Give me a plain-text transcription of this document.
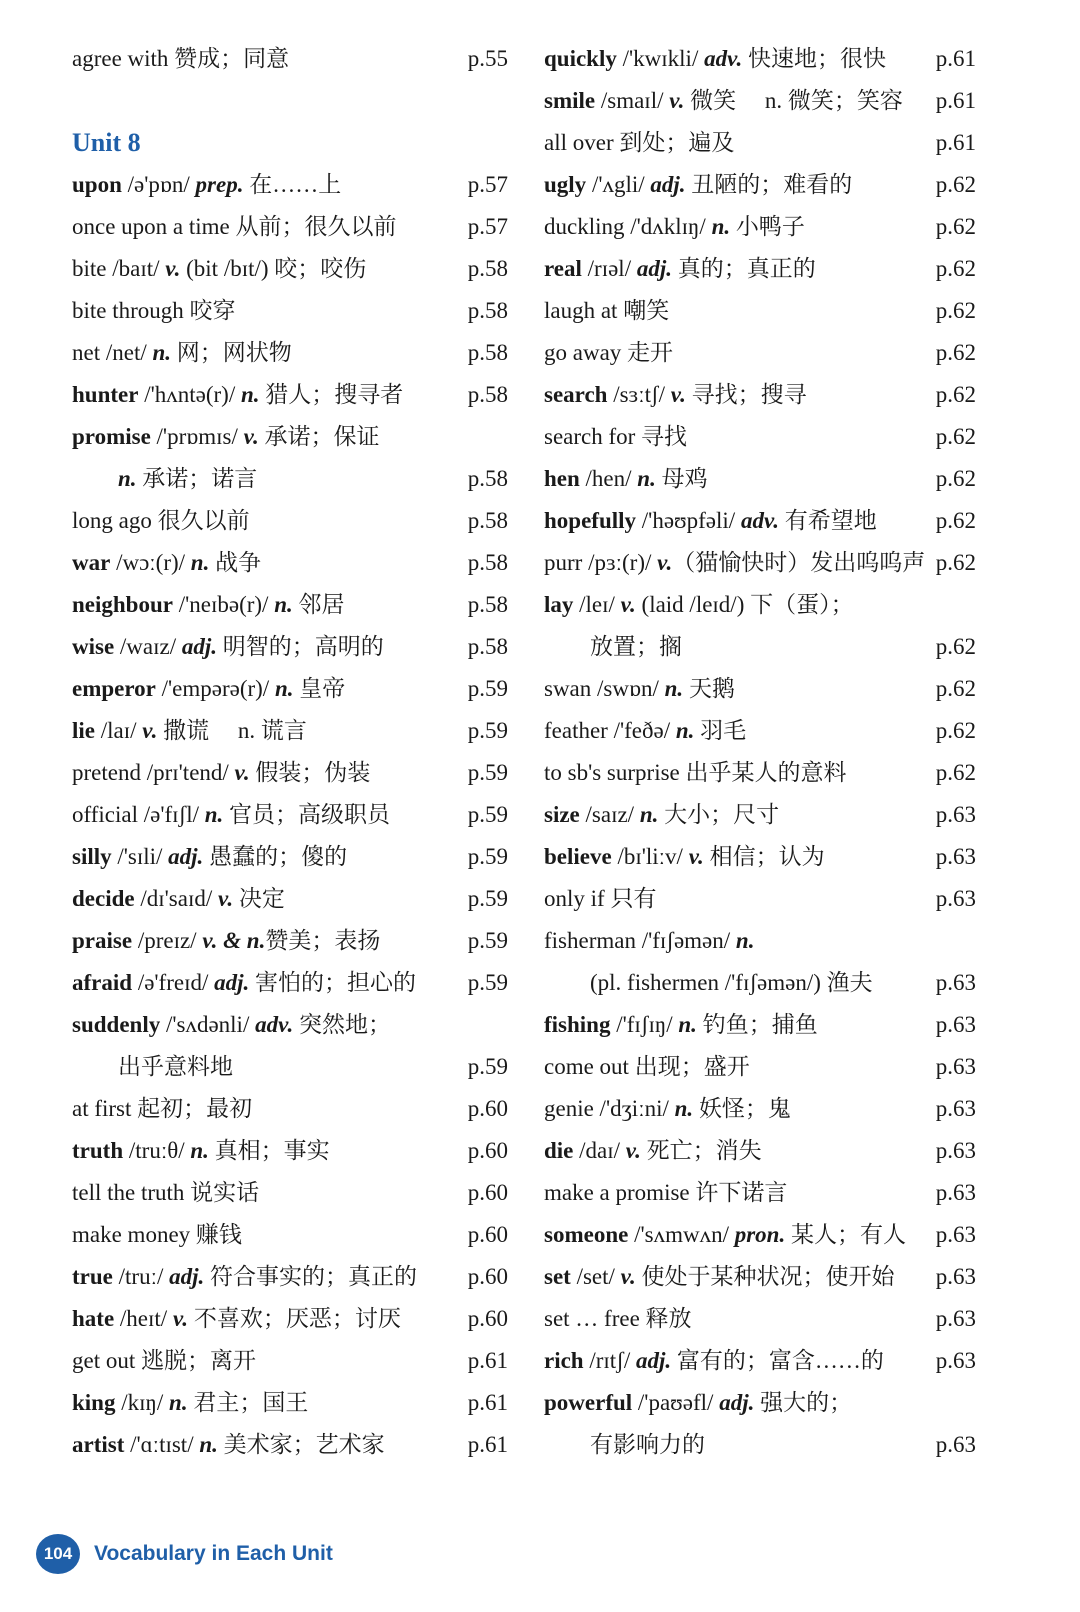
agree with 赞成；同意	p.55
Unit 8
upon /ə'pɒn/ prep. 在……上	p.57
once upon a time 从前；很久以前	p.57
bite /baɪt/ v. (bit /bɪt/) 咬；咬伤	p.58
bite through 咬穿	p.58
net /net/ n. 网；网状物	p.58
hunter /'hʌntə(r)/ n. 猎人；搜寻者	p.58
promise /'prɒmɪs/ v. 承诺；保证
n. 承诺；诺言	p.58
long ago 很久以前	p.58
war /wɔː(r)/ n. 战争	p.58
neighbour /'neɪbə(r)/ n. 邻居	p.58
wise /waɪz/ adj. 明智的；高明的	p.58
emperor /'empərə(r)/ n. 皇帝	p.59
lie /laɪ/ v. 撒谎　 n. 谎言	p.59
pretend /prɪ'tend/ v. 假装；伪装	p.59
official /ə'fɪʃl/ n. 官员；高级职员	p.59
silly /'sɪli/ adj. 愚蠢的；傻的	p.59
decide /dɪ'saɪd/ v. 决定	p.59
praise /preɪz/ v. & n.赞美；表扬	p.59
afraid /ə'freɪd/ adj. 害怕的；担心的 p.59
suddenly /'sʌdənli/ adv. 突然地；
出乎意料地	p.59
at first 起初；最初	p.60
truth /truːθ/ n. 真相；事实	p.60
tell the truth 说实话	p.60
make money 赚钱	p.60
true /truː/ adj. 符合事实的；真正的 p.60
hate /heɪt/ v. 不喜欢；厌恶；讨厌	p.60
get out 逃脱；离开	p.61
king /kɪŋ/ n. 君主；国王	p.61
artist /'ɑːtɪst/ n. 美术家；艺术家	p.61
quickly /'kwɪkli/ adv. 快速地；很快 p.61
smile /smaɪl/ v. 微笑　 n. 微笑；笑容 p.61
all over 到处；遍及	p.61
ugly /'ʌgli/ adj. 丑陋的；难看的	p.62
duckling /'dʌklɪŋ/ n. 小鸭子	p.62
real /rɪəl/ adj. 真的；真正的	p.62
laugh at 嘲笑	p.62
go away 走开	p.62
search /sɜːtʃ/ v. 寻找；搜寻	p.62
search for 寻找	p.62
hen /hen/ n. 母鸡	p.62
hopefully /'həʊpfəli/ adv. 有希望地	p.62
purr /pɜː(r)/ v.（猫愉快时）发出呜呜声 p.62
lay /leɪ/ v. (laid /leɪd/) 下（蛋）；
放置；搁	p.62
swan /swɒn/ n. 天鹅	p.62
feather /'feðə/ n. 羽毛	p.62
to sb's surprise 出乎某人的意料	p.62
size /saɪz/ n. 大小；尺寸	p.63
believe /bɪ'liːv/ v. 相信；认为	p.63
only if 只有	p.63
fisherman /'fɪʃəmən/ n.
(pl. fishermen /'fɪʃəmən/) 渔夫	p.63
fishing /'fɪʃɪŋ/ n. 钓鱼；捕鱼	p.63
come out 出现；盛开	p.63
genie /'dʒiːni/ n. 妖怪；鬼	p.63
die /daɪ/ v. 死亡；消失	p.63
make a promise 许下诺言	p.63
someone /'sʌmwʌn/ pron. 某人；有人 p.63
set /set/ v. 使处于某种状况；使开始 p.63
set … free 释放	p.63
rich /rɪtʃ/ adj. 富有的；富含……的 p.63
powerful /'paʊəfl/ adj. 强大的；
有影响力的	p.63
104	Vocabulary in Each Unit
